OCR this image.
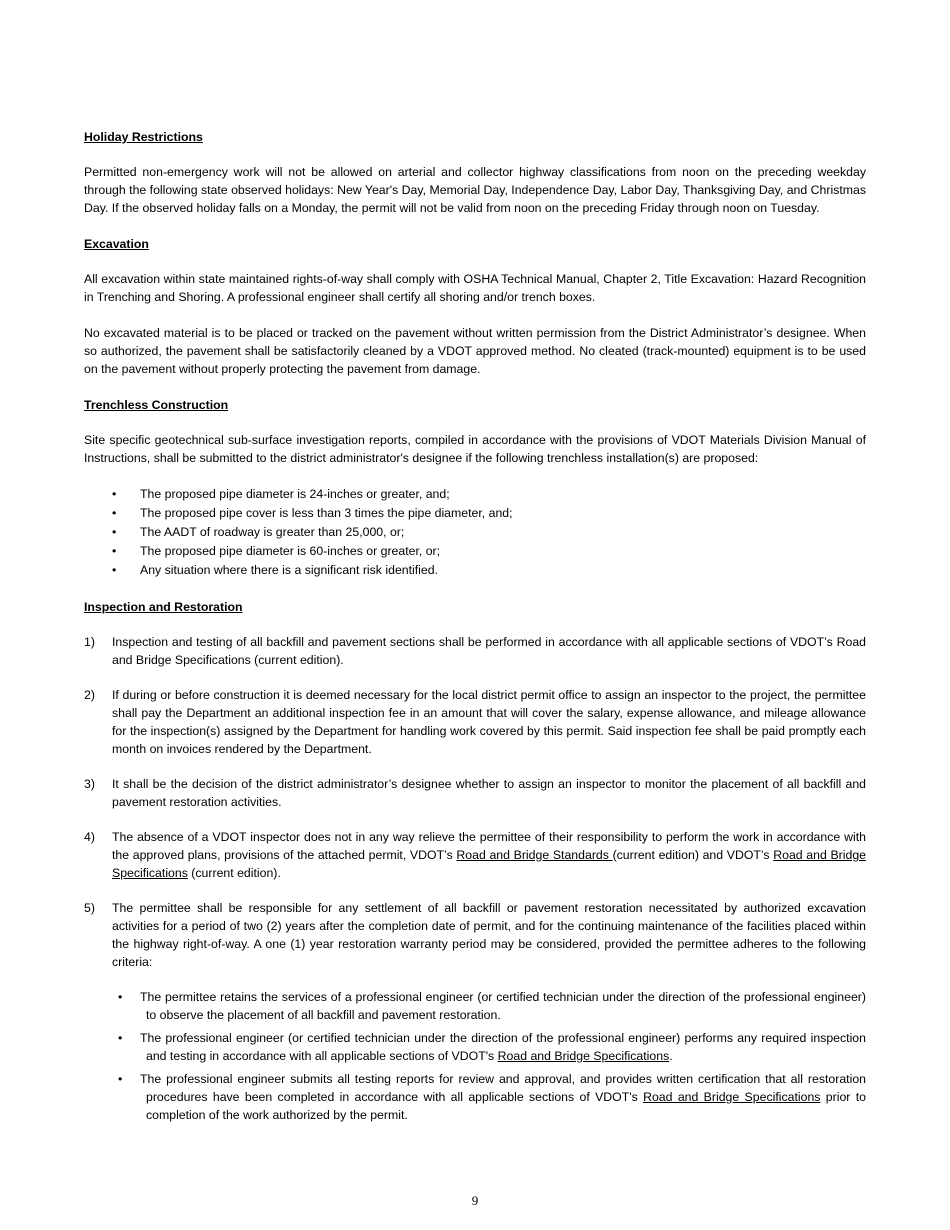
Holiday Restrictions

Permitted non-emergency work will not be allowed on arterial and collector highway classifications from noon on the preceding weekday through the following state observed holidays: New Year's Day, Memorial Day, Independence Day, Labor Day, Thanksgiving Day, and Christmas Day. If the observed holiday falls on a Monday, the permit will not be valid from noon on the preceding Friday through noon on Tuesday.

Excavation

All excavation within state maintained rights-of-way shall comply with OSHA Technical Manual, Chapter 2, Title Excavation: Hazard Recognition in Trenching and Shoring. A professional engineer shall certify all shoring and/or trench boxes.

No excavated material is to be placed or tracked on the pavement without written permission from the District Administrator’s designee. When so authorized, the pavement shall be satisfactorily cleaned by a VDOT approved method. No cleated (track-mounted) equipment is to be used on the pavement without properly protecting the pavement from damage.

Trenchless Construction

Site specific geotechnical sub-surface investigation reports, compiled in accordance with the provisions of VDOT Materials Division Manual of Instructions, shall be submitted to the district administrator's designee if the following trenchless installation(s) are proposed:

• The proposed pipe diameter is 24-inches or greater, and;
• The proposed pipe cover is less than 3 times the pipe diameter, and;
• The AADT of roadway is greater than 25,000, or;
• The proposed pipe diameter is 60-inches or greater, or;
• Any situation where there is a significant risk identified.
Inspection and Restoration
1) Inspection and testing of all backfill and pavement sections shall be performed in accordance with all applicable sections of VDOT’s Road and Bridge Specifications (current edition).
2) If during or before construction it is deemed necessary for the local district permit office to assign an inspector to the project, the permittee shall pay the Department an additional inspection fee in an amount that will cover the salary, expense allowance, and mileage allowance for the inspection(s) assigned by the Department for handling work covered by this permit. Said inspection fee shall be paid promptly each month on invoices rendered by the Department.
3) It shall be the decision of the district administrator’s designee whether to assign an inspector to monitor the placement of all backfill and pavement restoration activities.
4) The absence of a VDOT inspector does not in any way relieve the permittee of their responsibility to perform the work in accordance with the approved plans, provisions of the attached permit, VDOT’s Road and Bridge Standards (current edition) and VDOT’s Road and Bridge Specifications (current edition).
5) The permittee shall be responsible for any settlement of all backfill or pavement restoration necessitated by authorized excavation activities for a period of two (2) years after the completion date of permit, and for the continuing maintenance of the facilities placed within the highway right-of-way. A one (1) year restoration warranty period may be considered, provided the permittee adheres to the following criteria:
• The permittee retains the services of a professional engineer (or certified technician under the direction of the professional engineer) to observe the placement of all backfill and pavement restoration.
• The professional engineer (or certified technician under the direction of the professional engineer) performs any required inspection and testing in accordance with all applicable sections of VDOT's Road and Bridge Specifications.
• The professional engineer submits all testing reports for review and approval, and provides written certification that all restoration procedures have been completed in accordance with all applicable sections of VDOT's Road and Bridge Specifications prior to completion of the work authorized by the permit.
9
